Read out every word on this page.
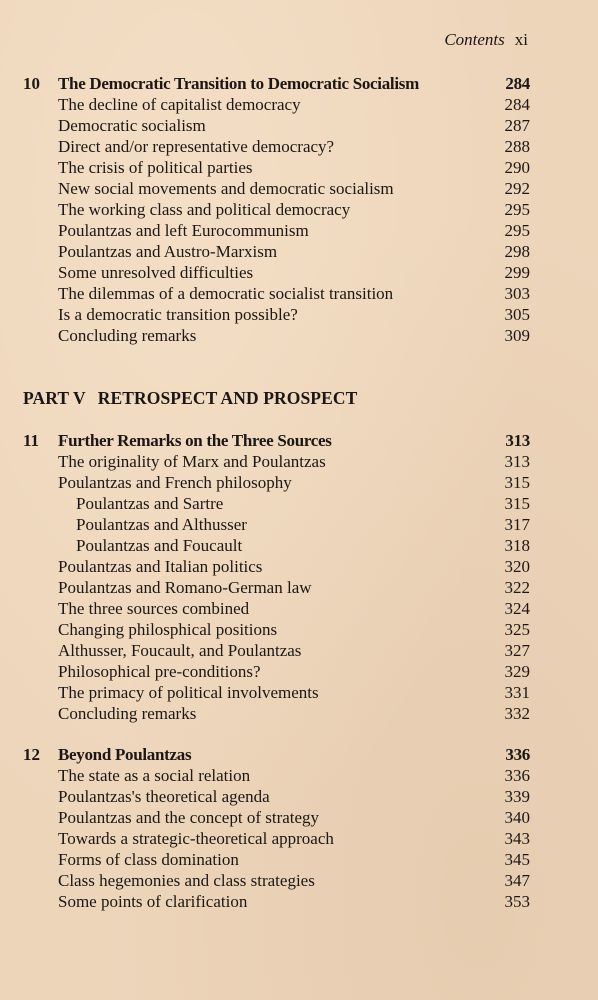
Contents xi
10 The Democratic Transition to Democratic Socialism	284
The decline of capitalist democracy	284
Democratic socialism	287
Direct and/or representative democracy?	288
The crisis of political parties	290
New social movements and democratic socialism	292
The working class and political democracy	295
Poulantzas and left Eurocommunism	295
Poulantzas and Austro-Marxism	298
Some unresolved difficulties	299
The dilemmas of a democratic socialist transition	303
Is a democratic transition possible?	305
Concluding remarks	309
PART V RETROSPECT AND PROSPECT
11 Further Remarks on the Three Sources	313
The originality of Marx and Poulantzas	313
Poulantzas and French philosophy	315
Poulantzas and Sartre	315
Poulantzas and Althusser	317
Poulantzas and Foucault	318
Poulantzas and Italian politics	320
Poulantzas and Romano-German law	322
The three sources combined	324
Changing philosphical positions	325
Althusser, Foucault, and Poulantzas	327
Philosophical pre-conditions?	329
The primacy of political involvements	331
Concluding remarks	332
12 Beyond Poulantzas	336
The state as a social relation	336
Poulantzas's theoretical agenda	339
Poulantzas and the concept of strategy	340
Towards a strategic-theoretical approach	343
Forms of class domination	345
Class hegemonies and class strategies	347
Some points of clarification	353
